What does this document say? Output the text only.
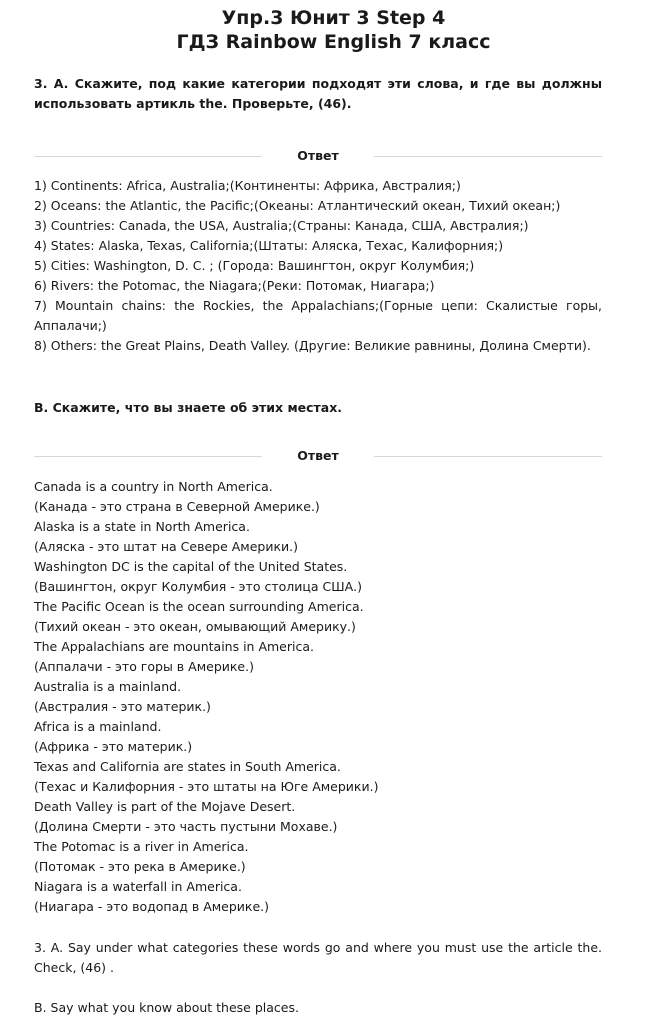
Упр.3 Юнит 3 Step 4
ГДЗ Rainbow English 7 класс

3. A. Скажите, под какие категории подходят эти слова, и где вы должны использовать артикль the. Проверьте, (46).

Ответ
1) Continents: Africa, Australia;(Континенты: Африка, Австралия;)
2) Oceans: the Atlantic, the Pacific;(Океаны: Атлантический океан, Тихий океан;)
3) Countries: Canada, the USA, Australia;(Страны: Канада, США, Австралия;)
4) States: Alaska, Texas, California;(Штаты: Аляска, Техас, Калифорния;)
5) Cities: Washington, D. C. ; (Города: Вашингтон, округ Колумбия;)
6) Rivers: the Potomac, the Niagara;(Реки: Потомак, Ниагара;)
7) Mountain chains: the Rockies, the Appalachians;(Горные цепи: Скалистые горы, Аппалачи;)
8) Others: the Great Plains, Death Valley. (Другие: Великие равнины, Долина Смерти).

B. Скажите, что вы знаете об этих местах.

Ответ
Canada is a country in North America.
(Канада - это страна в Северной Америке.)
Alaska is a state in North America.
(Аляска - это штат на Севере Америки.)
Washington DC is the capital of the United States.
(Вашингтон, округ Колумбия - это столица США.)
The Pacific Ocean is the ocean surrounding America.
(Тихий океан - это океан, омывающий Америку.)
The Appalachians are mountains in America.
(Аппалачи - это горы в Америке.)
Australia is a mainland.
(Австралия - это материк.)
Africa is a mainland.
(Африка - это материк.)
Texas and California are states in South America.
(Техас и Калифорния - это штаты на Юге Америки.)
Death Valley is part of the Mojave Desert.
(Долина Смерти - это часть пустыни Мохаве.)
The Potomac is a river in America.
(Потомак - это река в Америке.)
Niagara is a waterfall in America.
(Ниагара - это водопад в Америке.)

3. A. Say under what categories these words go and where you must use the article the. Check, (46) .

B. Say what you know about these places.
